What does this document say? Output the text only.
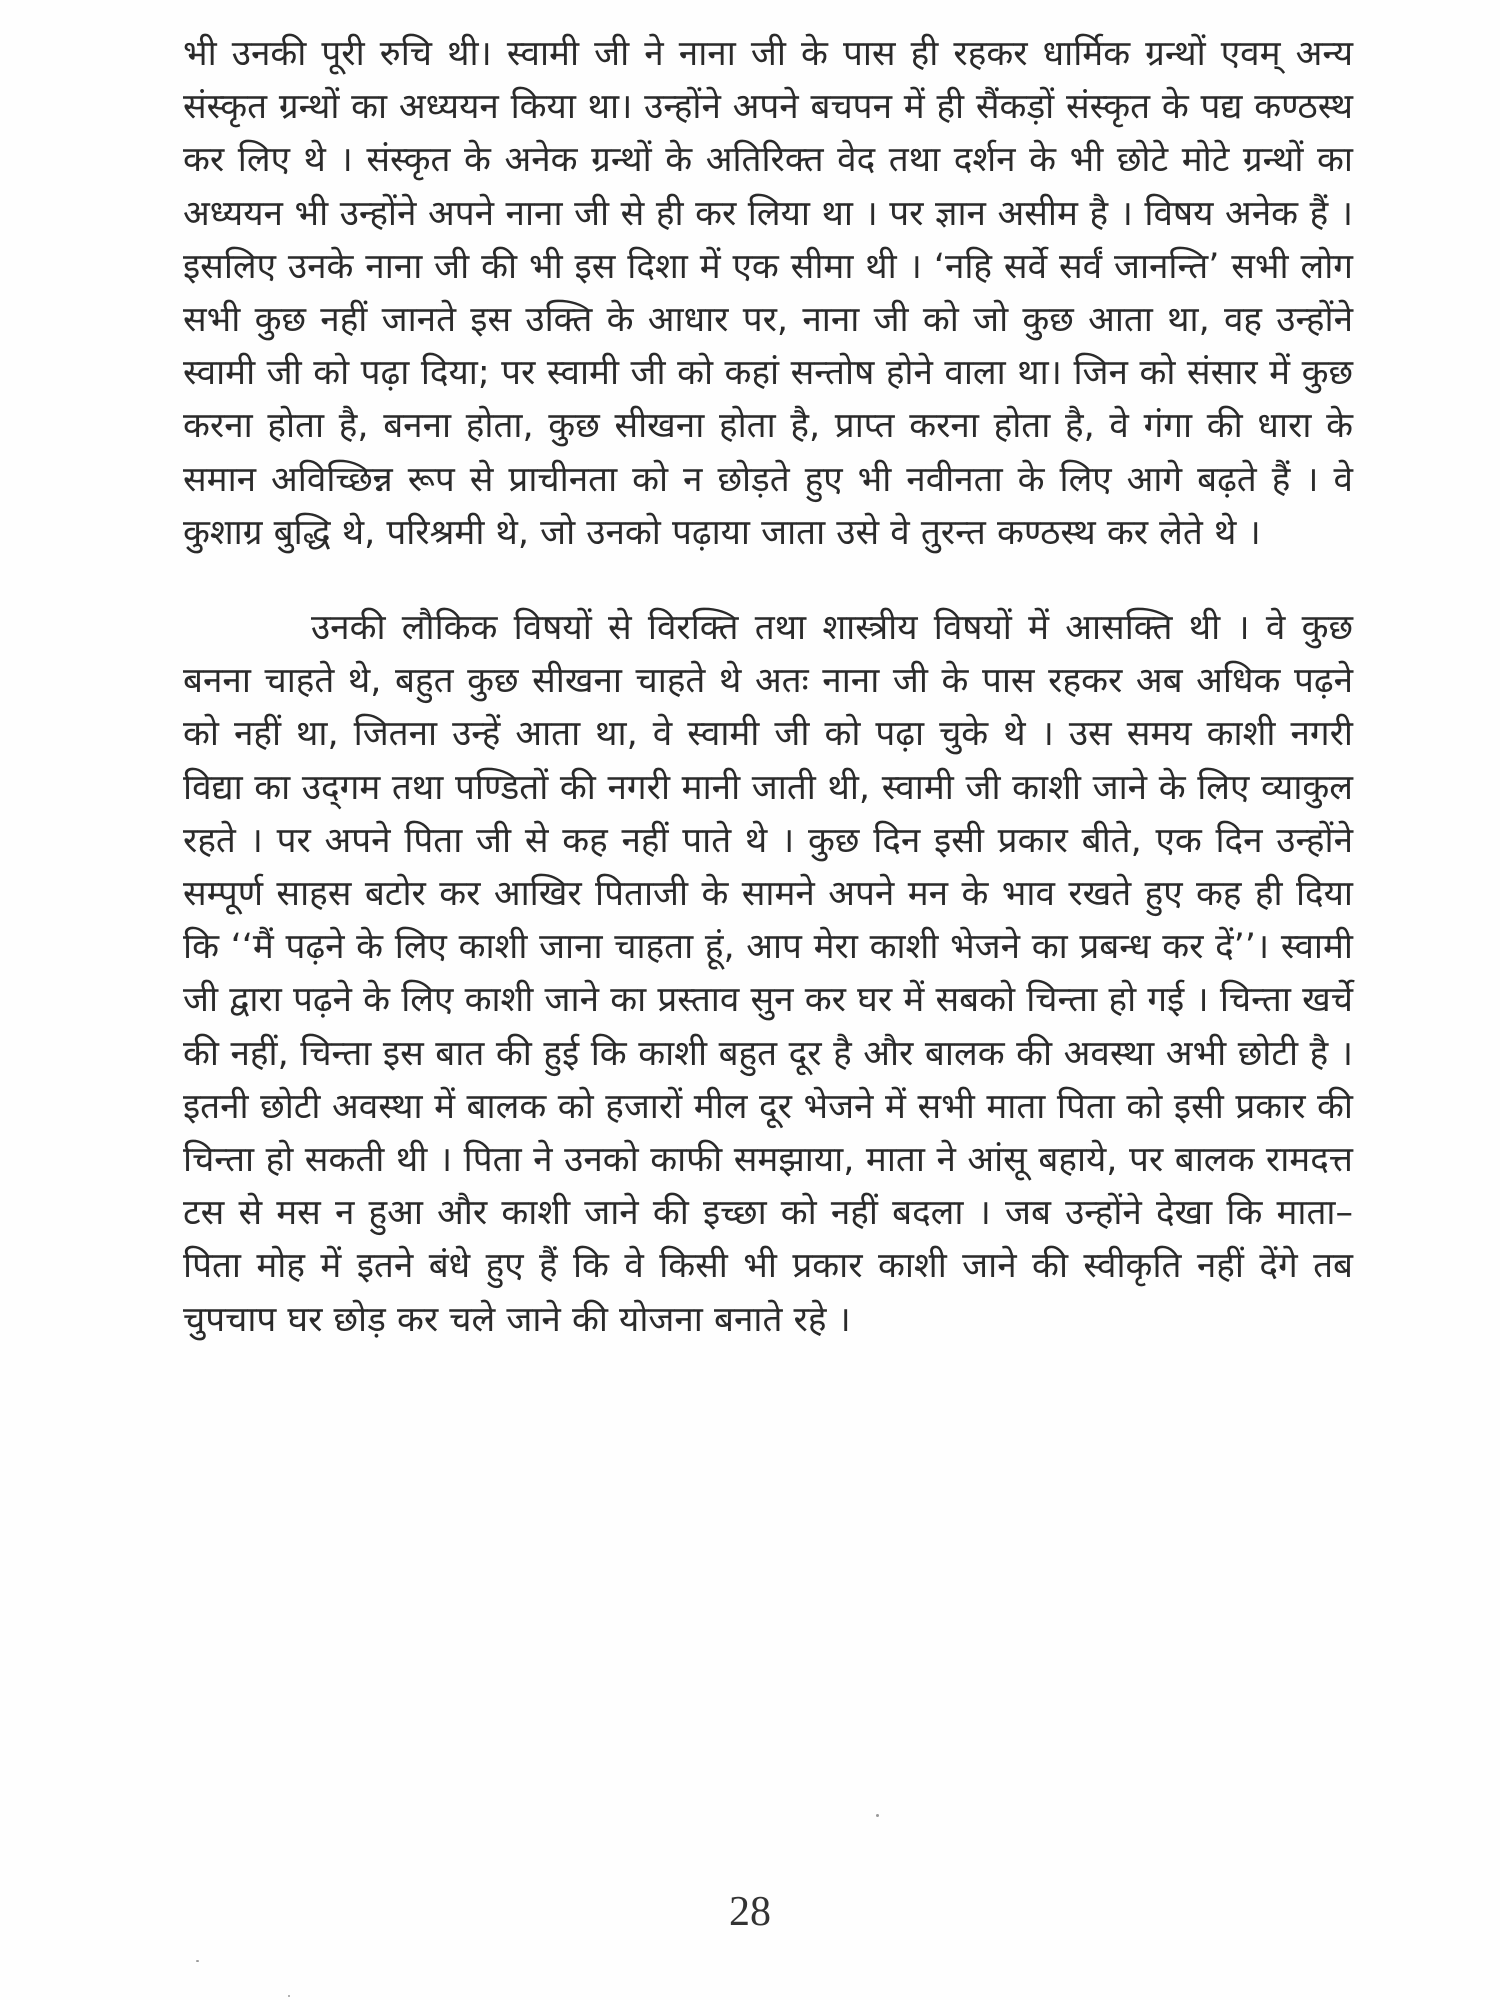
भी उनकी पूरी रुचि थी। स्वामी जी ने नाना जी के पास ही रहकर धार्मिक ग्रन्थों एवम् अन्य संस्कृत ग्रन्थों का अध्ययन किया था। उन्होंने अपने बचपन में ही सैंकड़ों संस्कृत के पद्य कण्ठस्थ कर लिए थे । संस्कृत के अनेक ग्रन्थों के अतिरिक्त वेद तथा दर्शन के भी छोटे मोटे ग्रन्थों का अध्ययन भी उन्होंने अपने नाना जी से ही कर लिया था । पर ज्ञान असीम है । विषय अनेक हैं । इसलिए उनके नाना जी की भी इस दिशा में एक सीमा थी । ‘नहि सर्वे सर्वं जानन्ति’ सभी लोग सभी कुछ नहीं जानते इस उक्ति के आधार पर, नाना जी को जो कुछ आता था, वह उन्होंने स्वामी जी को पढ़ा दिया; पर स्वामी जी को कहां सन्तोष होने वाला था। जिन को संसार में कुछ करना होता है, बनना होता, कुछ सीखना होता है, प्राप्त करना होता है, वे गंगा की धारा के समान अविच्छिन्न रूप से प्राचीनता को न छोड़ते हुए भी नवीनता के लिए आगे बढ़ते हैं । वे कुशाग्र बुद्धि थे, परिश्रमी थे, जो उनको पढ़ाया जाता उसे वे तुरन्त कण्ठस्थ कर लेते थे ।

उनकी लौकिक विषयों से विरक्ति तथा शास्त्रीय विषयों में आसक्ति थी । वे कुछ बनना चाहते थे, बहुत कुछ सीखना चाहते थे अतः नाना जी के पास रहकर अब अधिक पढ़ने को नहीं था, जितना उन्हें आता था, वे स्वामी जी को पढ़ा चुके थे । उस समय काशी नगरी विद्या का उद्‌गम तथा पण्डितों की नगरी मानी जाती थी, स्वामी जी काशी जाने के लिए व्याकुल रहते । पर अपने पिता जी से कह नहीं पाते थे । कुछ दिन इसी प्रकार बीते, एक दिन उन्होंने सम्पूर्ण साहस बटोर कर आखिर पिताजी के सामने अपने मन के भाव रखते हुए कह ही दिया कि ‘‘मैं पढ़ने के लिए काशी जाना चाहता हूं, आप मेरा काशी भेजने का प्रबन्ध कर दें’’। स्वामी जी द्वारा पढ़ने के लिए काशी जाने का प्रस्ताव सुन कर घर में सबको चिन्ता हो गई । चिन्ता खर्चे की नहीं, चिन्ता इस बात की हुई कि काशी बहुत दूर है और बालक की अवस्था अभी छोटी है । इतनी छोटी अवस्था में बालक को हजारों मील दूर भेजने में सभी माता पिता को इसी प्रकार की चिन्ता हो सकती थी । पिता ने उनको काफी समझाया, माता ने आंसू बहाये, पर बालक रामदत्त टस से मस न हुआ और काशी जाने की इच्छा को नहीं बदला । जब उन्होंने देखा कि माता–पिता मोह में इतने बंधे हुए हैं कि वे किसी भी प्रकार काशी जाने की स्वीकृति नहीं देंगे तब चुपचाप घर छोड़ कर चले जाने की योजना बनाते रहे ।

28
